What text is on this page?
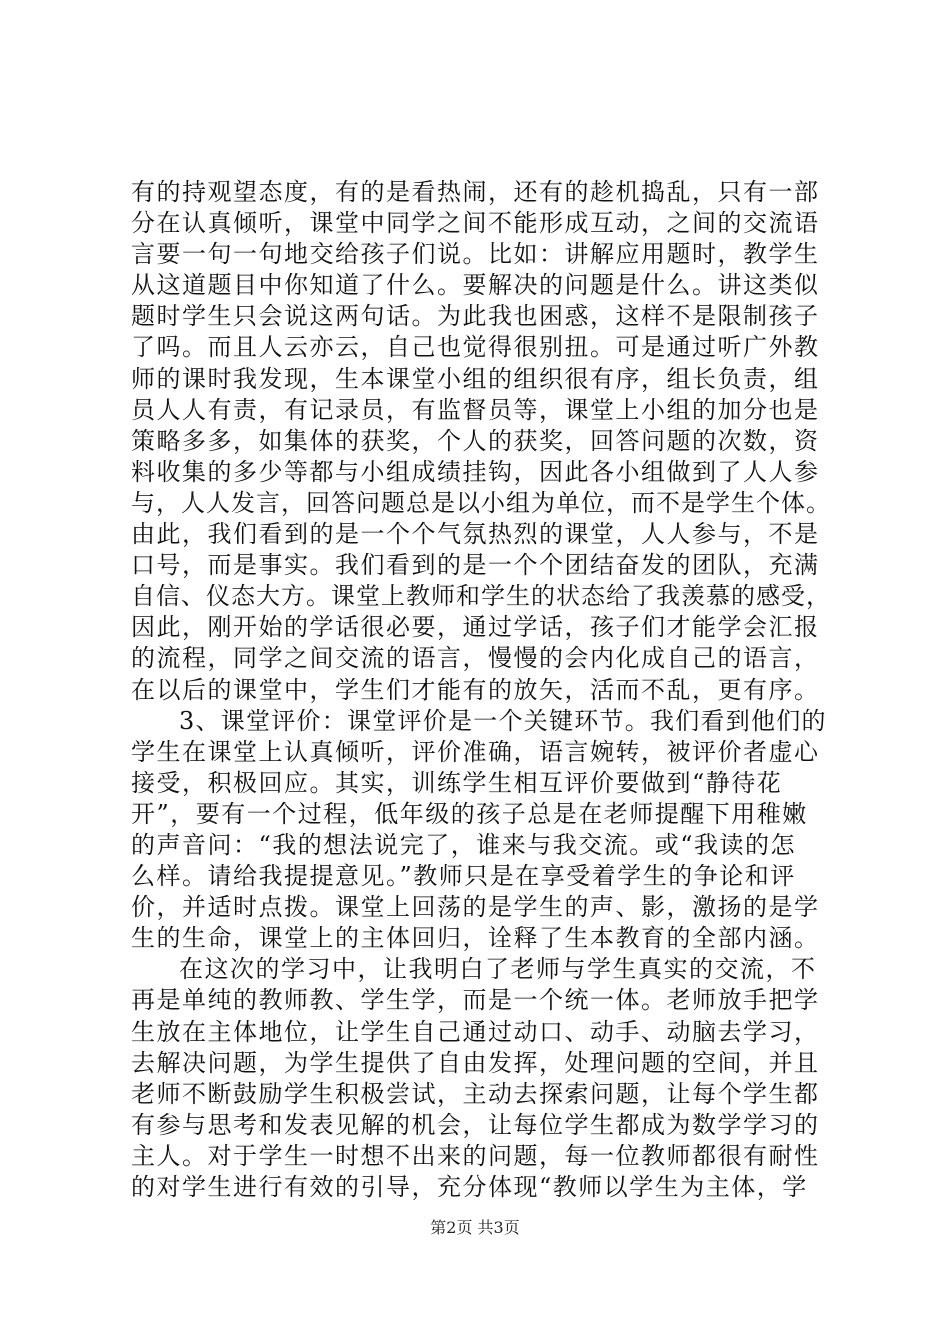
有的持观望态度，有的是看热闹，还有的趁机捣乱，只有一部
分在认真倾听，课堂中同学之间不能形成互动，之间的交流语
言要一句一句地交给孩子们说。比如：讲解应用题时，教学生
从这道题目中你知道了什么。要解决的问题是什么。讲这类似
题时学生只会说这两句话。为此我也困惑，这样不是限制孩子
了吗。而且人云亦云，自己也觉得很别扭。可是通过听广外教
师的课时我发现，生本课堂小组的组织很有序，组长负责，组
员人人有责，有记录员，有监督员等，课堂上小组的加分也是
策略多多，如集体的获奖，个人的获奖，回答问题的次数，资
料收集的多少等都与小组成绩挂钩，因此各小组做到了人人参
与，人人发言，回答问题总是以小组为单位，而不是学生个体。
由此，我们看到的是一个个气氛热烈的课堂，人人参与，不是
口号，而是事实。我们看到的是一个个团结奋发的团队，充满
自信、仪态大方。课堂上教师和学生的状态给了我羡慕的感受，
因此，刚开始的学话很必要，通过学话，孩子们才能学会汇报
的流程，同学之间交流的语言，慢慢的会内化成自己的语言，
在以后的课堂中，学生们才能有的放矢，活而不乱，更有序。
3、课堂评价：课堂评价是一个关键环节。我们看到他们的
学生在课堂上认真倾听，评价准确，语言婉转，被评价者虚心
接受，积极回应。其实，训练学生相互评价要做到“静待花
开”，要有一个过程，低年级的孩子总是在老师提醒下用稚嫩
的声音问：“我的想法说完了，谁来与我交流。或“我读的怎
么样。请给我提提意见。”教师只是在享受着学生的争论和评
价，并适时点拨。课堂上回荡的是学生的声、影，激扬的是学
生的生命，课堂上的主体回归，诠释了生本教育的全部内涵。
在这次的学习中，让我明白了老师与学生真实的交流，不
再是单纯的教师教、学生学，而是一个统一体。老师放手把学
生放在主体地位，让学生自己通过动口、动手、动脑去学习，
去解决问题，为学生提供了自由发挥，处理问题的空间，并且
老师不断鼓励学生积极尝试，主动去探索问题，让每个学生都
有参与思考和发表见解的机会，让每位学生都成为数学学习的
主人。对于学生一时想不出来的问题，每一位教师都很有耐性
的对学生进行有效的引导，充分体现“教师以学生为主体，学
第2页 共3页
